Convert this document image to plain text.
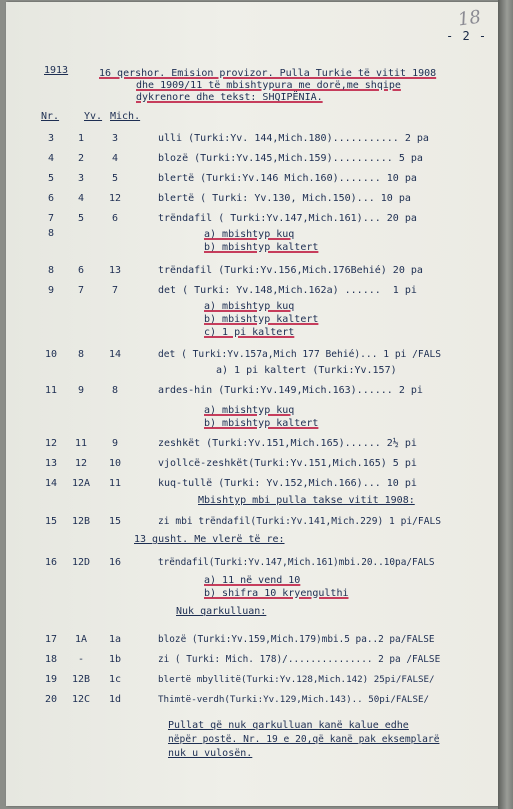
18
- 2 -
1913	16 qershor. Emision provizor. Pulla Turkie të vitit 1908
dhe 1909/11 të mbishtypura me dorë,me shqipe
dykrenore dhe tekst: SHQIPËNIA.
Nr. Yv. Mich.
3	1	3	ulli (Turki:Yv. 144,Mich.180)........... 2 pa
4	2	4	blozë (Turki:Yv.145,Mich.159).......... 5 pa
5	3	5	blertë (Turki:Yv.146 Mich.160)....... 10 pa
6	4	12	blertë ( Turki: Yv.130, Mich.150)... 10 pa
7	5	6	trëndafil ( Turki:Yv.147,Mich.161)... 20 pa
8	a) mbishtyp kuq
b) mbishtyp kaltert
8	6	13	trëndafil (Turki:Yv.156,Mich.176Behié) 20 pa
9	7	7	det ( Turki: Yv.148,Mich.162a) ......  1 pi
a) mbishtyp kuq
b) mbishtyp kaltert
c) 1 pi kaltert
10	8	14	det ( Turki:Yv.157a,Mich 177 Behié)... 1 pi /FALS
a) 1 pi kaltert (Turki:Yv.157)
11	9	8	ardes-hin (Turki:Yv.149,Mich.163)...... 2 pi
a) mbishtyp kuq
b) mbishtyp kaltert
12	11	9	zeshkët (Turki:Yv.151,Mich.165)...... 2½ pi
13	12	10	vjollcë-zeshkët(Turki:Yv.151,Mich.165) 5 pi
14	12A	11	kuq-tullë (Turki: Yv.152,Mich.166)... 10 pi
Mbishtyp mbi pulla takse vitit 1908:
15	12B	15	zi mbi trëndafil(Turki:Yv.141,Mich.229) 1 pi/FALS
13 gusht. Me vlerë të re:
16	12D	16	trëndafil(Turki:Yv.147,Mich.161)mbi.20..10pa/FALS
a) 11 në vend 10
b) shifra 10 kryengulthi
Nuk qarkulluan:
17	1A	1a	blozë (Turki:Yv.159,Mich.179)mbi.5 pa..2 pa/FALSE
18	-	1b	zi ( Turki: Mich. 178)/............... 2 pa /FALSE
19	12B	1c	blertë mbyllitë(Turki:Yv.128,Mich.142) 25pi/FALSE/
20	12C	1d	Thimtë-verdh(Turki:Yv.129,Mich.143).. 50pi/FALSE/
Pullat që nuk qarkulluan kanë kalue edhe
nëpër postë. Nr. 19 e 20,që kanë pak eksemplarë
nuk u vulosën.
